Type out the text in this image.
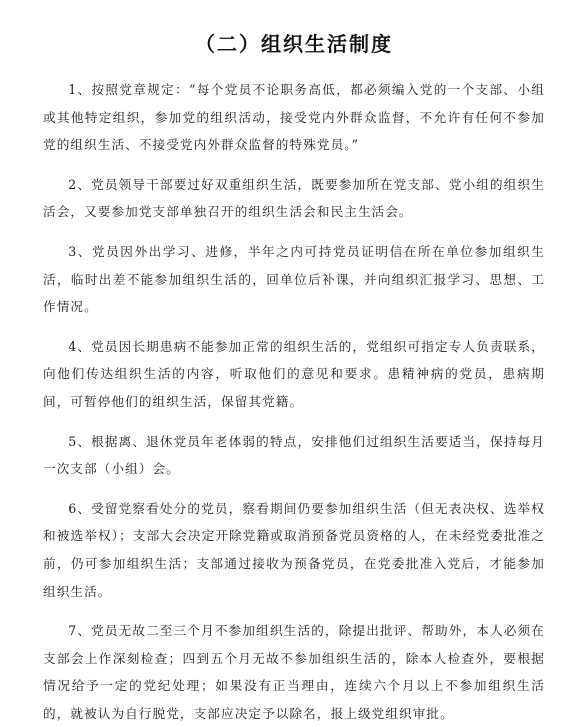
（二）组织生活制度

1、按照党章规定：“每个党员不论职务高低，都必须编入党的一个支部、小组或其他特定组织，参加党的组织活动，接受党内外群众监督，不允许有任何不参加党的组织生活、不接受党内外群众监督的特殊党员。”

2、党员领导干部要过好双重组织生活，既要参加所在党支部、党小组的组织生活会，又要参加党支部单独召开的组织生活会和民主生活会。

3、党员因外出学习、进修，半年之内可持党员证明信在所在单位参加组织生活，临时出差不能参加组织生活的，回单位后补课，并向组织汇报学习、思想、工作情况。

4、党员因长期患病不能参加正常的组织生活的，党组织可指定专人负责联系，向他们传达组织生活的内容，听取他们的意见和要求。患精神病的党员，患病期间，可暂停他们的组织生活，保留其党籍。

5、根据离、退休党员年老体弱的特点，安排他们过组织生活要适当，保持每月一次支部（小组）会。

6、受留党察看处分的党员，察看期间仍要参加组织生活（但无表决权、选举权和被选举权）；支部大会决定开除党籍或取消预备党员资格的人，在未经党委批准之前，仍可参加组织生活；支部通过接收为预备党员，在党委批准入党后，才能参加组织生活。

7、党员无故二至三个月不参加组织生活的，除提出批评、帮助外，本人必须在支部会上作深刻检查；四到五个月无故不参加组织生活的，除本人检查外，要根据情况给予一定的党纪处理；如果没有正当理由，连续六个月以上不参加组织生活的，就被认为自行脱党，支部应决定予以除名，报上级党组织审批。
